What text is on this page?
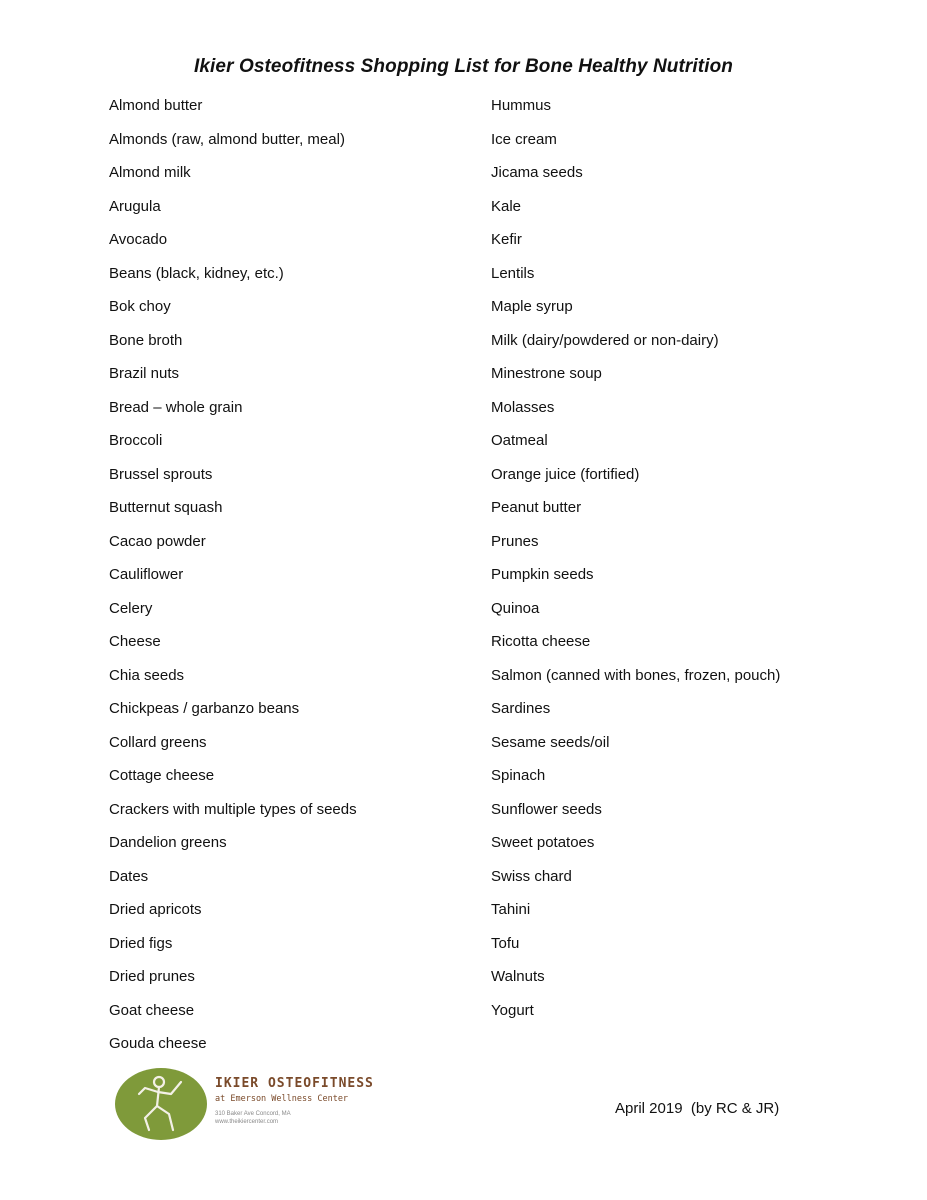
Ikier Osteofitness Shopping List for Bone Healthy Nutrition
Almond butter
Almonds (raw, almond butter, meal)
Almond milk
Arugula
Avocado
Beans (black, kidney, etc.)
Bok choy
Bone broth
Brazil nuts
Bread – whole grain
Broccoli
Brussel sprouts
Butternut squash
Cacao powder
Cauliflower
Celery
Cheese
Chia seeds
Chickpeas / garbanzo beans
Collard greens
Cottage cheese
Crackers with multiple types of seeds
Dandelion greens
Dates
Dried apricots
Dried figs
Dried prunes
Goat cheese
Gouda cheese
Hummus
Ice cream
Jicama seeds
Kale
Kefir
Lentils
Maple syrup
Milk (dairy/powdered or non-dairy)
Minestrone soup
Molasses
Oatmeal
Orange juice (fortified)
Peanut butter
Prunes
Pumpkin seeds
Quinoa
Ricotta cheese
Salmon (canned with bones, frozen, pouch)
Sardines
Sesame seeds/oil
Spinach
Sunflower seeds
Sweet potatoes
Swiss chard
Tahini
Tofu
Walnuts
Yogurt
IKIER OSTEOFITNESS
at Emerson Wellness Center
310 Baker Ave Concord, MA
www.theikiercenter.com
April 2019  (by RC & JR)
